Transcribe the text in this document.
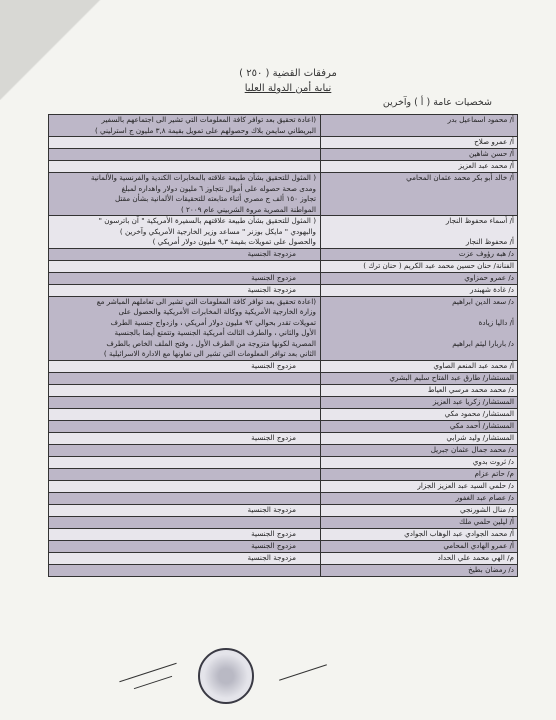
مرفقات القضية ( ٢٥٠ )
نيابة أمن الدولة العليا
شخصيات عامة ( أ ) وآخرين
أ/ محمود اسماعيل بدر
(اعادة تحقيق بعد توافر كافة المعلومات التي تشير الى اجتماعهم بالسفير
البريطاني سايمن بلاك وحصولهم على تمويل بقيمة ٣,٨ مليون ج استرليني )
أ/ عمرو صلاح
أ/ حسن شاهين
أ/ محمد عبد العزيز
أ/ خالد أبو بكر محمد عثمان المحامي
( المثول للتحقيق بشأن طبيعة علاقته بالمخابرات الكندية والفرنسية والألمانية
ومدى صحة حصوله على أموال تتجاوز ٦ مليون دولار واهداره لمبلغ
تجاوز ١٥٠ ألف ج مصري أثناء متابعته للتحقيقات الألمانية بشأن مقتل
المواطنة المصرية مروة الشربيني عام ٢٠٠٩ )
أ/ أسماء محفوظ النجار

أ/ محفوظ النجار
( المثول للتحقيق بشأن طبيعة علاقتهم بالسفيرة الأمريكية " آن باترسون "
والبهودي " مايكل بوزنر " مساعد وزير الخارجية الأمريكي وآخرين )
والحصول على تمويلات بقيمة ٩,٣ مليون دولار أمريكي )
د/ هبه رؤوف عزت
مزدوجة الجنسية
الفنانة/ حنان حسين محمد عبد الكريم ( حنان ترك )
د/ عمرو حمزاوي
مزدوج الجنسية
د/ غادة شهبندر
مزدوجة الجنسية
د/ سعد الدين ابراهيم

أ/ داليا زيادة

د/ باربارا ليثم ابراهيم
(اعادة تحقيق بعد توافر كافة المعلومات التي تشير الى تعاملهم المباشر مع
وزارة الخارجية الأمريكية ووكالة المخابرات الأمريكية والحصول على
تمويلات تقدر بحوالي ٩٢ مليون دولار أمريكي ، وازدواج جنسية الطرف
الأول والثاني ، والطرف الثالث أمريكية الجنسية وتتمتع أيضا بالجنسية
المصرية لكونها متزوجة من الطرف الأول ، وفتح الملف الخاص بالطرف
الثاني بعد توافر المعلومات التي تشير الى تعاونها مع الادارة الاسرائيلية )
أ/ محمد عبد المنعم الصاوي
مزدوج الجنسية
المستشار/ طارق عبد الفتاح سليم البشري
د/ محمد محمد مرسي العياط
المستشار/ زكريا عبد العزيز
المستشار/ محمود مكي
المستشار/ أحمد مكي
المستشار/ وليد شرابي
مزدوج الجنسية
د/ محمد جمال عثمان جبريل
د/ ثروت بدوي
م/ حاتم عزام
د/ حلمي السيد عبد العزيز الجزار
د/ عصام عبد الغفور
د/ منال الشورنجي
مزدوجة الجنسية
أ/ ليلين حلمي ملك
أ/ محمد الجوادي عبد الوهاب الجوادي
مزدوج الجنسية
أ/ عمرو الهادي المحامي
مزدوج الجنسية
م/ الهي محمد علي الحداد
مزدوجة الجنسية
د/ رمضان بطيخ
